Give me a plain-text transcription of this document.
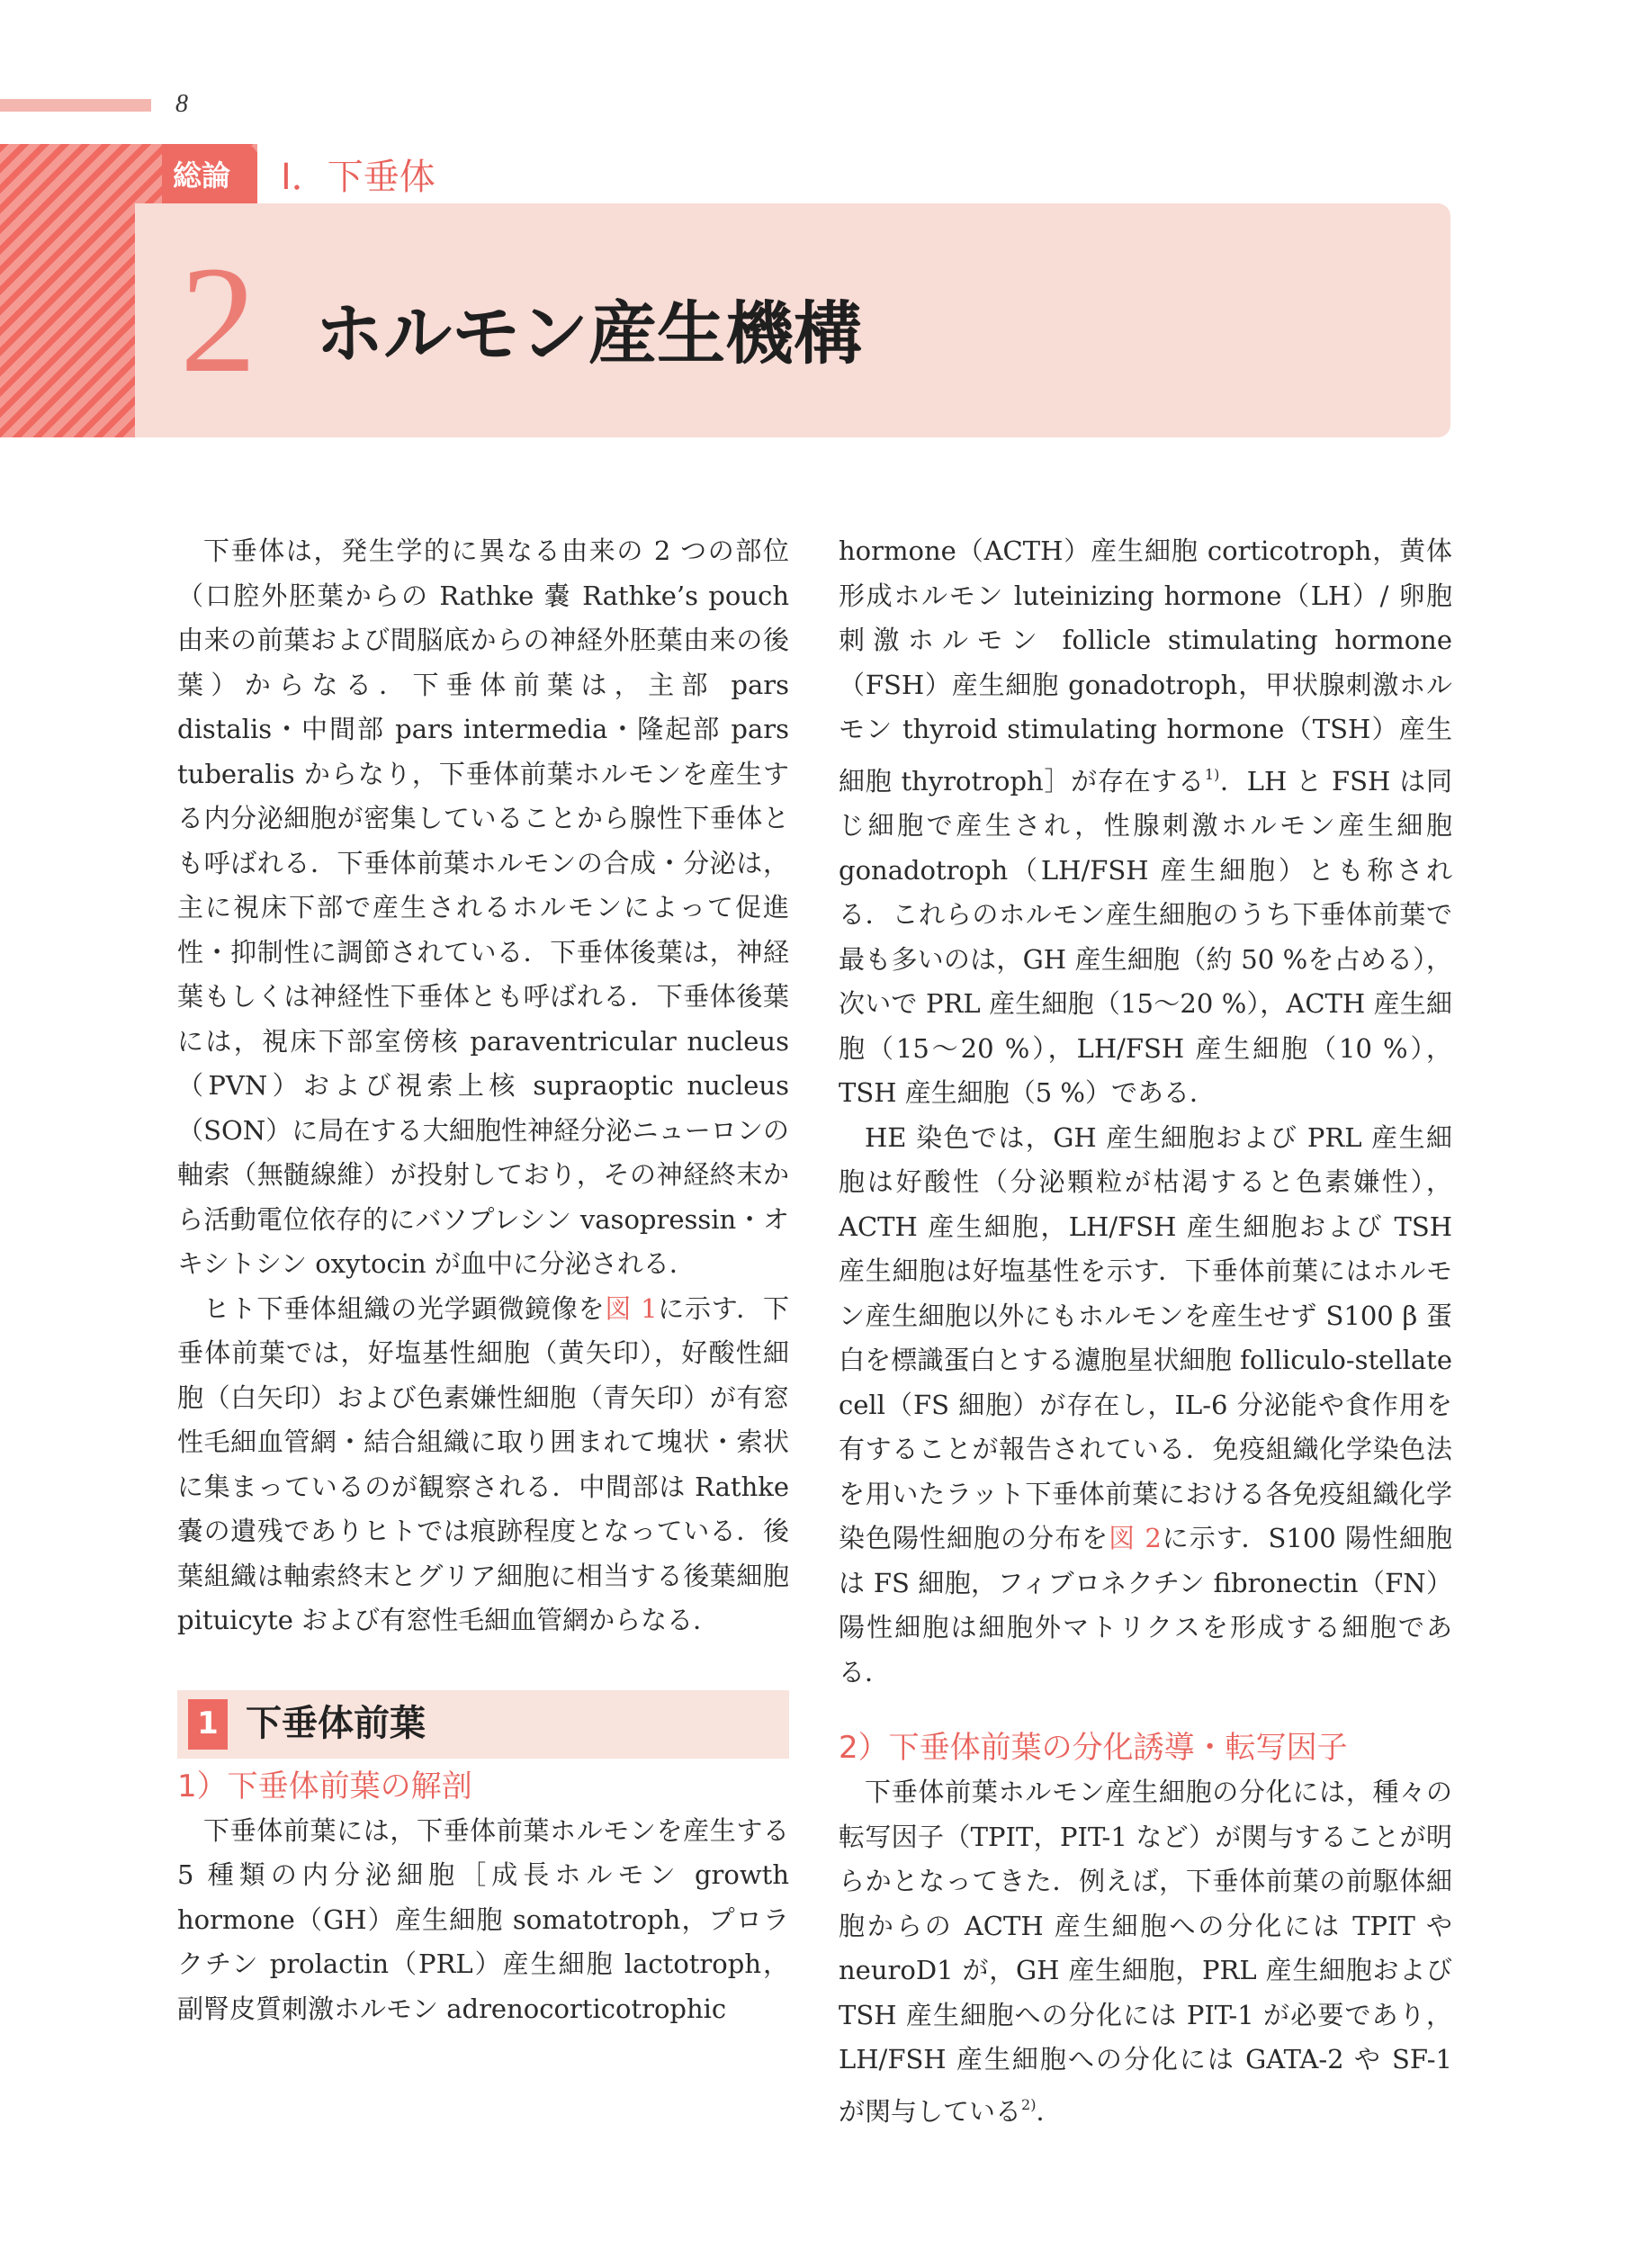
8
総論 Ⅰ．下垂体
2 ホルモン産生機構

下垂体は，発生学的に異なる由来の 2 つの部位（口腔外胚葉からの Rathke 嚢 Rathke’s pouch 由来の前葉および間脳底からの神経外胚葉由来の後葉）からなる．下垂体前葉は，主部 pars distalis・中間部 pars intermedia・隆起部 pars tuberalis からなり，下垂体前葉ホルモンを産生する内分泌細胞が密集していることから腺性下垂体とも呼ばれる．下垂体前葉ホルモンの合成・分泌は，主に視床下部で産生されるホルモンによって促進性・抑制性に調節されている．下垂体後葉は，神経葉もしくは神経性下垂体とも呼ばれる．下垂体後葉には，視床下部室傍核 paraventricular nucleus（PVN）および視索上核 supraoptic nucleus（SON）に局在する大細胞性神経分泌ニューロンの軸索（無髄線維）が投射しており，その神経終末から活動電位依存的にバソプレシン vasopressin・オキシトシン oxytocin が血中に分泌される．

ヒト下垂体組織の光学顕微鏡像を図 1に示す．下垂体前葉では，好塩基性細胞（黄矢印），好酸性細胞（白矢印）および色素嫌性細胞（青矢印）が有窓性毛細血管網・結合組織に取り囲まれて塊状・索状に集まっているのが観察される．中間部は Rathke 嚢の遺残でありヒトでは痕跡程度となっている．後葉組織は軸索終末とグリア細胞に相当する後葉細胞 pituicyte および有窓性毛細血管網からなる．

1 下垂体前葉
1）下垂体前葉の解剖

下垂体前葉には，下垂体前葉ホルモンを産生する 5 種類の内分泌細胞［成長ホルモン growth hormone（GH）産生細胞 somatotroph，プロラクチン prolactin（PRL）産生細胞 lactotroph，副腎皮質刺激ホルモン adrenocorticotrophic

hormone（ACTH）産生細胞 corticotroph，黄体形成ホルモン luteinizing hormone（LH）/ 卵胞刺激ホルモン follicle stimulating hormone（FSH）産生細胞 gonadotroph，甲状腺刺激ホルモン thyroid stimulating hormone（TSH）産生細胞 thyrotroph］が存在する$^{1)}$．LH と FSH は同じ細胞で産生され，性腺刺激ホルモン産生細胞 gonadotroph（LH/FSH 産生細胞）とも称される．これらのホルモン産生細胞のうち下垂体前葉で最も多いのは，GH 産生細胞（約 50 %を占める），次いで PRL 産生細胞（15〜20 %），ACTH 産生細胞（15〜20 %），LH/FSH 産生細胞（10 %），TSH 産生細胞（5 %）である．

HE 染色では，GH 産生細胞および PRL 産生細胞は好酸性（分泌顆粒が枯渇すると色素嫌性），ACTH 産生細胞，LH/FSH 産生細胞および TSH 産生細胞は好塩基性を示す．下垂体前葉にはホルモン産生細胞以外にもホルモンを産生せず S100 β 蛋白を標識蛋白とする濾胞星状細胞 folliculo-stellate cell（FS 細胞）が存在し，IL-6 分泌能や食作用を有することが報告されている．免疫組織化学染色法を用いたラット下垂体前葉における各免疫組織化学染色陽性細胞の分布を図 2に示す．S100 陽性細胞は FS 細胞，フィブロネクチン fibronectin（FN）陽性細胞は細胞外マトリクスを形成する細胞である．

2）下垂体前葉の分化誘導・転写因子

下垂体前葉ホルモン産生細胞の分化には，種々の転写因子（TPIT，PIT-1 など）が関与することが明らかとなってきた．例えば，下垂体前葉の前駆体細胞からの ACTH 産生細胞への分化には TPIT や neuroD1 が，GH 産生細胞，PRL 産生細胞および TSH 産生細胞への分化には PIT-1 が必要であり，LH/FSH 産生細胞への分化には GATA-2 や SF-1 が関与している$^{2)}$．
